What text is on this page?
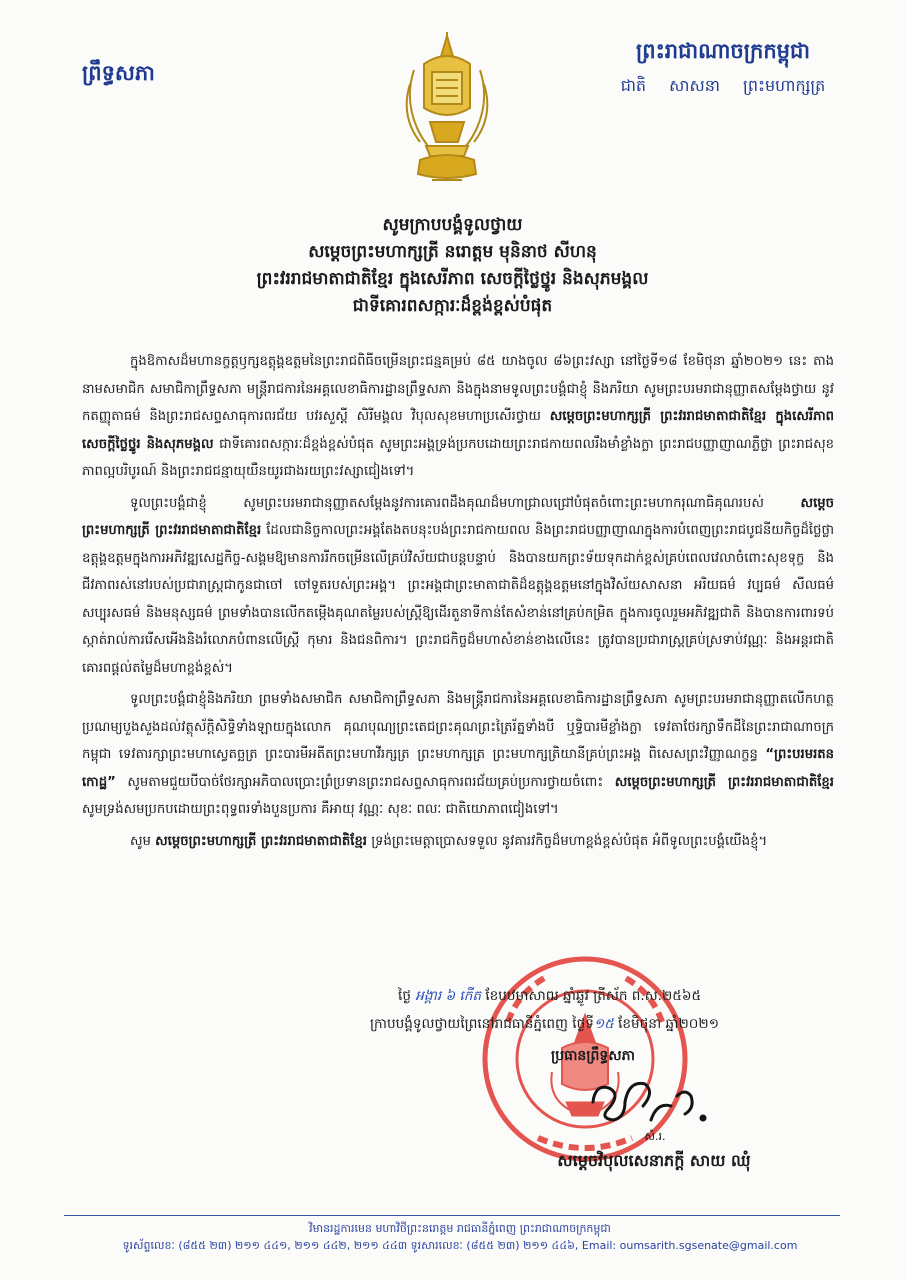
ព្រឹទ្ធសភា
ព្រះរាជាណាចក្រកម្ពុជា
ជាតិ សាសនា ព្រះមហាក្សត្រ
សូមក្រាបបង្គំទូលថ្វាយ
សម្តេចព្រះមហាក្សត្រី នរោត្តម មុនិនាថ សីហនុ
ព្រះវររាជមាតាជាតិខ្មែរ ក្នុងសេរីភាព សេចក្តីថ្លៃថ្នូរ និងសុភមង្គល
ជាទីគោរពសក្ការៈដ៏ខ្ពង់ខ្ពស់បំផុត

ក្នុងឱកាសដ៏មហានក្ខត្តឫក្សឧត្តុង្គឧត្តមនៃព្រះរាជពិធីចម្រើនព្រះជន្មគម្រប់ ៨៥ យាងចូល ៨៦ព្រះវស្សា នៅថ្ងៃទី១៨ ខែមិថុនា ឆ្នាំ២០២១ នេះ តាងនាមសមាជិក សមាជិកាព្រឹទ្ធសភា មន្ត្រីរាជការនៃអគ្គលេខាធិការដ្ឋានព្រឹទ្ធសភា និងក្នុងនាមទូលព្រះបង្គំជាខ្ញុំ និងភរិយា សូមព្រះបរមរាជានុញ្ញាតសម្តែងថ្វាយ នូវកតញ្ញុតាធម៌ និងព្រះរាជសព្ទសាធុការពរជ័យ បវរសួស្តី សិរីមង្គល វិបុលសុខមហាប្រសើរថ្វាយ សម្តេចព្រះមហាក្សត្រី ព្រះវររាជមាតាជាតិខ្មែរ ក្នុងសេរីភាពសេចក្តីថ្លៃថ្នូរ និងសុភមង្គល ជាទីគោរពសក្ការៈដ៏ខ្ពង់ខ្ពស់បំផុត សូមព្រះអង្គទ្រង់ប្រកបដោយព្រះរាជកាយពលរឹងមាំខ្លាំងក្លា ព្រះរាជបញ្ញាញាណភ្លឺថ្លា ព្រះរាជសុខភាពល្អបរិបូរណ៍ និងព្រះរាជជន្មាយុយឺនយូរជាងរយព្រះវស្សាជៀងទៅ។

ទូលព្រះបង្គំជាខ្ញុំ សូមព្រះបរមរាជានុញ្ញាតសម្តែងនូវការគោរពដឹងគុណដ៏មហាជ្រាលជ្រៅបំផុតចំពោះព្រះមហាករុណាធិគុណរបស់ សម្តេចព្រះមហាក្សត្រី ព្រះវររាជមាតាជាតិខ្មែរ ដែលជានិច្ចកាលព្រះអង្គតែងតបនុះបង់ព្រះរាជកាយពល និងព្រះរាជបញ្ញាញាណក្នុងការបំពេញព្រះរាជបូជនីយកិច្ចដ៏ថ្លៃថ្លាឧត្តុង្គឧត្តមក្នុងការអភិវឌ្ឍសេដ្ឋកិច្ច-សង្គមឱ្យមានការរីកចម្រើនលើគ្រប់វិស័យជាបន្តបន្ទាប់ និងបានយកព្រះទ័យទុកដាក់ខ្ពស់គ្រប់ពេលវេលាចំពោះសុខទុក្ខ និងជីវភាពរស់នៅរបស់ប្រជារាស្ត្រជាកូនជាចៅ ចៅទួតរបស់ព្រះអង្គ។ ព្រះអង្គជាព្រះមាតាជាតិដ៏ឧត្តុង្គឧត្តមនៅក្នុងវិស័យសាសនា អរិយធម៌ វប្បធម៌ សីលធម៌ សប្បុរសធម៌ និងមនុស្សធម៌ ព្រមទាំងបានលើកតម្កើងគុណតម្លៃរបស់ស្ត្រីឱ្យដើរតួនាទីកាន់តែសំខាន់នៅគ្រប់កម្រិត ក្នុងការចូលរួមអភិវឌ្ឍជាតិ និងបានការពារទប់ស្កាត់រាល់ការរើសអើងនិងរំលោភបំពានលើស្ត្រី កុមារ និងជនពិការ។ ព្រះរាជកិច្ចដ៏មហាសំខាន់ខាងលើនេះ ត្រូវបានប្រជារាស្ត្រគ្រប់ស្រទាប់វណ្ណៈ និងអន្តរជាតិគោរពផ្តល់តម្លៃដ៏មហាខ្ពង់ខ្ពស់។

ទូលព្រះបង្គំជាខ្ញុំនិងភរិយា ព្រមទាំងសមាជិក សមាជិកាព្រឹទ្ធសភា និងមន្ត្រីរាជការនៃអគ្គលេខាធិការដ្ឋានព្រឹទ្ធសភា សូមព្រះបរមរាជានុញ្ញាតលើកហត្ថប្រណម្យបួងសួងដល់វត្ថុស័ក្តិសិទ្ធិទាំងឡាយក្នុងលោក គុណបុណ្យព្រះតេជព្រះគុណព្រះត្រៃរ័ត្នទាំងបី ឬទ្ធិបារមីខ្លាំងក្លា ទេវតាថែរក្សាទឹកដីនៃព្រះរាជាណាចក្រកម្ពុជា ទេវតារក្សាព្រះមហាស្វេតច្ឆត្រ ព្រះបារមីអតីតព្រះមហាវីរក្សត្រ ព្រះមហាក្សត្រ ព្រះមហាក្សត្រិយានីគ្រប់ព្រះអង្គ ពិសេសព្រះវិញ្ញាណក្ខន្ធ “ព្រះបរមរតនកោដ្ឋ” សូមតាមជួយបីបាច់ថែរក្សាអភិបាលប្រោះព្រំប្រទានព្រះរាជសព្ទសាធុការពរជ័យគ្រប់ប្រការថ្វាយចំពោះ សម្តេចព្រះមហាក្សត្រី ព្រះវររាជមាតាជាតិខ្មែរ សូមទ្រង់សមប្រកបដោយព្រះពុទ្ធពរទាំងបួនប្រការ គឺអាយុ វណ្ណៈ សុខៈ ពលៈ ជាតិយោភាពជៀងទៅ។

សូម សម្តេចព្រះមហាក្សត្រី ព្រះវររាជមាតាជាតិខ្មែរ ទ្រង់ព្រះមេត្តាប្រោសទទួល នូវគារវកិច្ចដ៏មហាខ្ពង់ខ្ពស់បំផុត អំពីទូលព្រះបង្គំយើងខ្ញុំ។

ថ្ងៃ អង្គារ ៦ កើត ខែបឋមាសាឍ ឆ្នាំឆ្លូវ ត្រីស័ក ព.ស.២៥៦៥
ក្រាបបង្គំទូលថ្វាយព្រៃនៅរាជធានីភ្នំពេញ ថ្ងៃទី១៥ ខែមិថុនា ឆ្នាំ២០២១
ប្រធានព្រឹទ្ធសភា
សំ.រ.
សម្តេចវិបុលសេនាភក្តី សាយ ឈុំ
វិមានរដ្ឋការមេន មហាវិថីព្រះនរោត្តម រាជធានីភ្នំពេញ ព្រះរាជាណាចក្រកម្ពុជា
ទូរស័ព្ទលេខៈ (៨៥៥ ២៣) ២១១ ៤៤១, ២១១ ៤៤២, ២១១ ៤៤៣ ទូរសារលេខៈ (៨៥៥ ២៣) ២១១ ៤៤៦, Email: oumsarith.sgsenate@gmail.com
